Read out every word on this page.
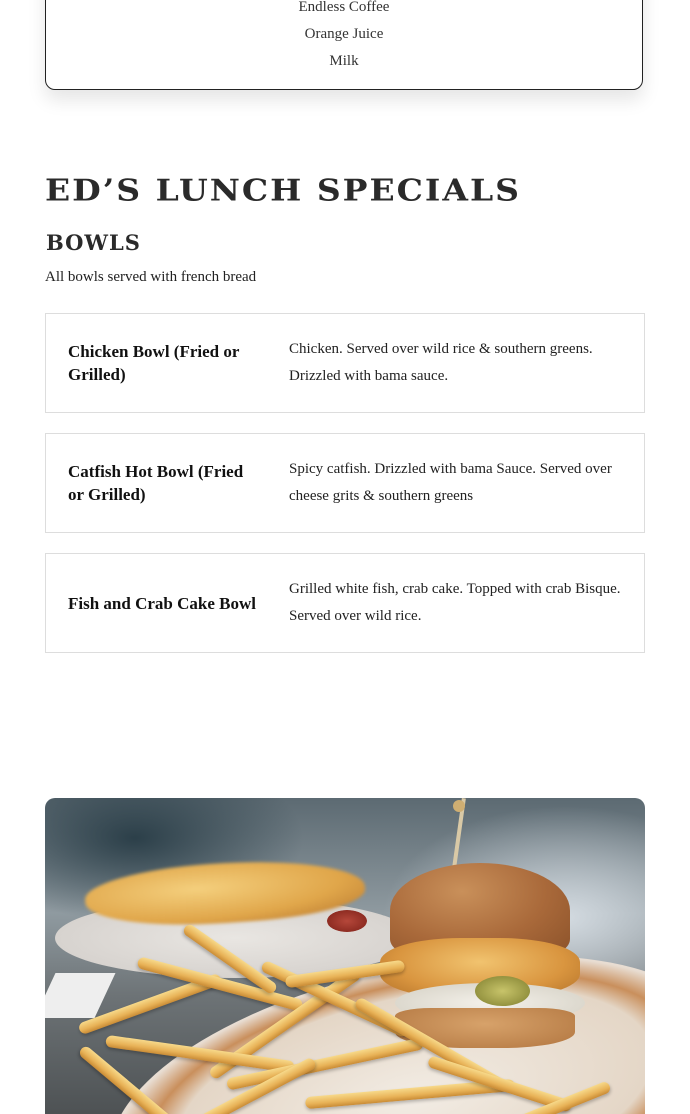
Endless Coffee
Orange Juice
Milk
ED’S LUNCH SPECIALS
BOWLS
All bowls served with french bread
Chicken Bowl (Fried or Grilled)
Chicken. Served over wild rice & southern greens. Drizzled with bama sauce.
Catfish Hot Bowl (Fried or Grilled)
Spicy catfish. Drizzled with bama Sauce. Served over cheese grits & southern greens
Fish and Crab Cake Bowl
Grilled white fish, crab cake. Topped with crab Bisque. Served over wild rice.
